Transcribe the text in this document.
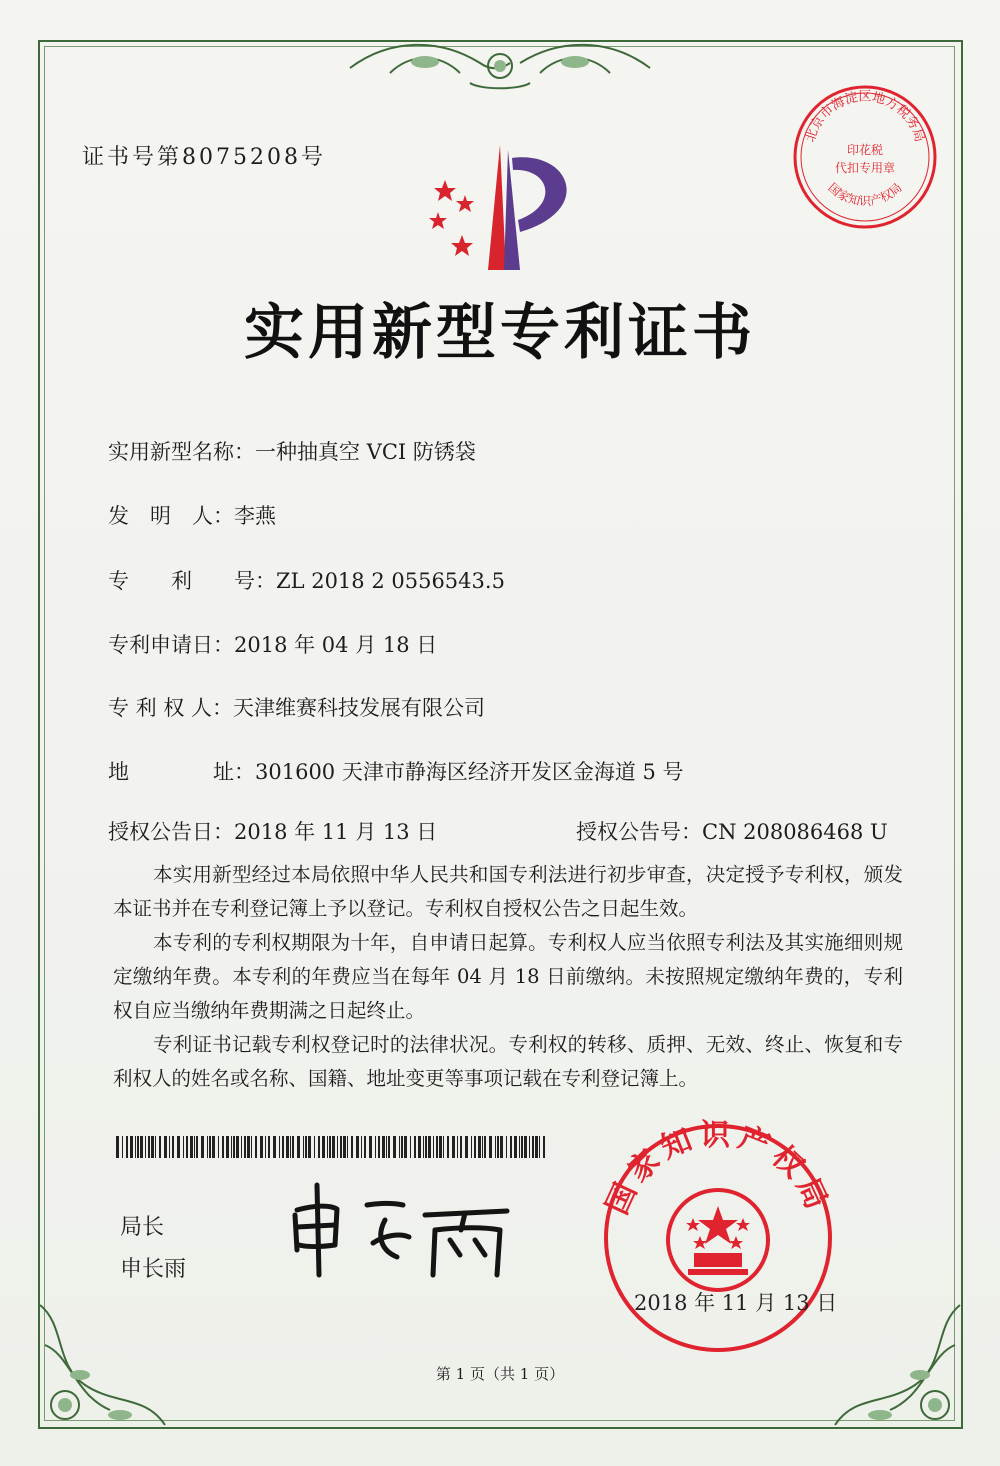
证书号第8075208号
北京市海淀区地方税务局
印花税
代扣专用章
国家知识产权局
实用新型专利证书
实用新型名称：一种抽真空 VCI 防锈袋
发　明　人：李燕
专　　利　　号：ZL 2018 2 0556543.5
专利申请日：2018 年 04 月 18 日
专 利 权 人：天津维赛科技发展有限公司
地　　　　址：301600 天津市静海区经济开发区金海道 5 号
授权公告日：2018 年 11 月 13 日	授权公告号：CN 208086468 U
本实用新型经过本局依照中华人民共和国专利法进行初步审查，决定授予专利权，颁发本证书并在专利登记簿上予以登记。专利权自授权公告之日起生效。
本专利的专利权期限为十年，自申请日起算。专利权人应当依照专利法及其实施细则规定缴纳年费。本专利的年费应当在每年 04 月 18 日前缴纳。未按照规定缴纳年费的，专利权自应当缴纳年费期满之日起终止。
专利证书记载专利权登记时的法律状况。专利权的转移、质押、无效、终止、恢复和专利权人的姓名或名称、国籍、地址变更等事项记载在专利登记簿上。
局长
申长雨
国家知识产权局
2018 年 11 月 13 日
第 1 页（共 1 页）
